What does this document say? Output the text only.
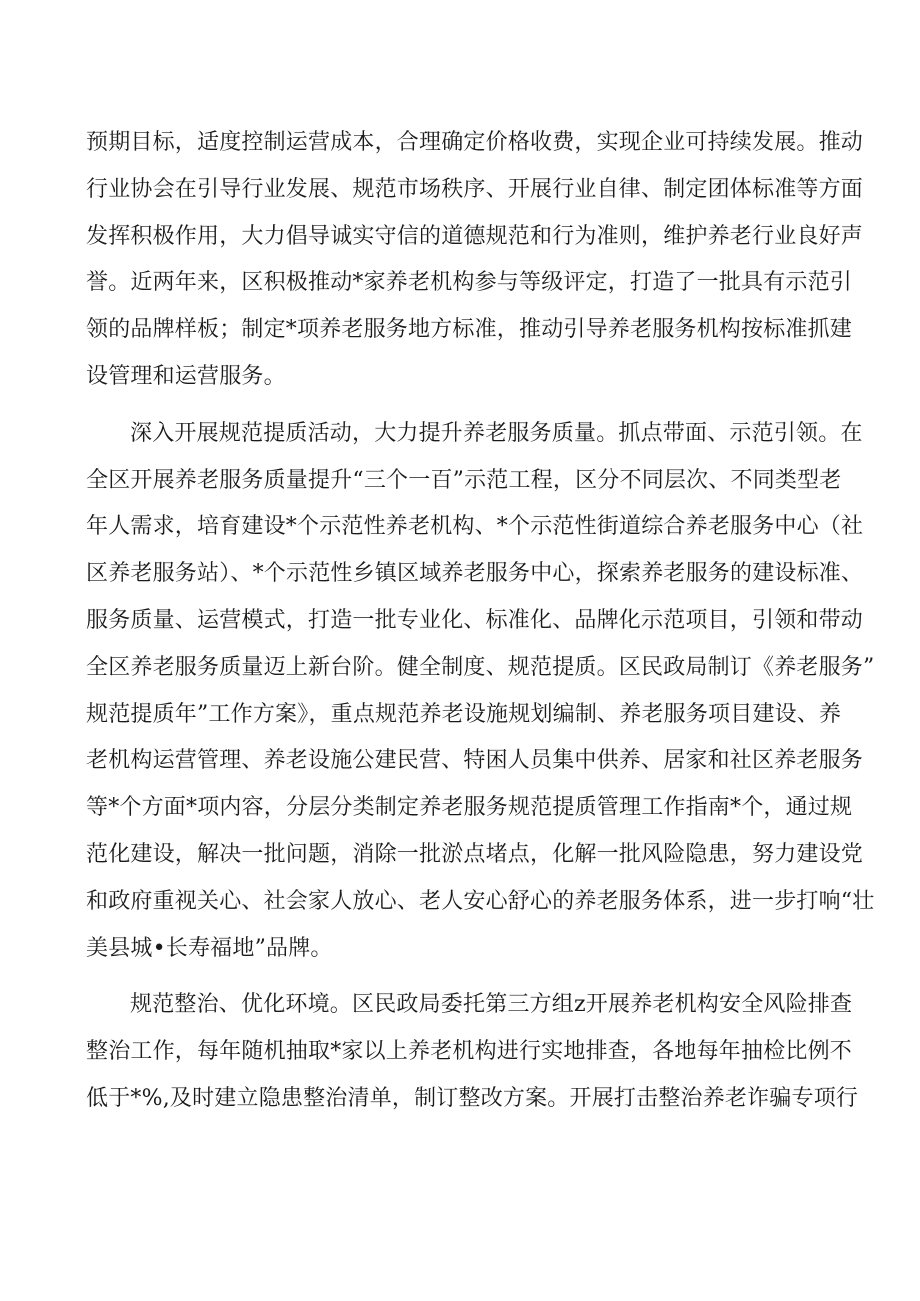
预期目标，适度控制运营成本，合理确定价格收费，实现企业可持续发展。推动
行业协会在引导行业发展、规范市场秩序、开展行业自律、制定团体标准等方面
发挥积极作用，大力倡导诚实守信的道德规范和行为准则，维护养老行业良好声
誉。近两年来，区积极推动*家养老机构参与等级评定，打造了一批具有示范引
领的品牌样板；制定*项养老服务地方标准，推动引导养老服务机构按标准抓建
设管理和运营服务。
深入开展规范提质活动，大力提升养老服务质量。抓点带面、示范引领。在
全区开展养老服务质量提升“三个一百”示范工程，区分不同层次、不同类型老
年人需求，培育建设*个示范性养老机构、*个示范性街道综合养老服务中心（社
区养老服务站）、*个示范性乡镇区域养老服务中心，探索养老服务的建设标准、
服务质量、运营模式，打造一批专业化、标准化、品牌化示范项目，引领和带动
全区养老服务质量迈上新台阶。健全制度、规范提质。区民政局制订《养老服务”
规范提质年”工作方案》，重点规范养老设施规划编制、养老服务项目建设、养
老机构运营管理、养老设施公建民营、特困人员集中供养、居家和社区养老服务
等*个方面*项内容，分层分类制定养老服务规范提质管理工作指南*个，通过规
范化建设，解决一批问题，消除一批淤点堵点，化解一批风险隐患，努力建设党
和政府重视关心、社会家人放心、老人安心舒心的养老服务体系，进一步打响“壮
美县城•长寿福地”品牌。
规范整治、优化环境。区民政局委托第三方组z开展养老机构安全风险排查
整治工作，每年随机抽取*家以上养老机构进行实地排查，各地每年抽检比例不
低于*%,及时建立隐患整治清单，制订整改方案。开展打击整治养老诈骗专项行
